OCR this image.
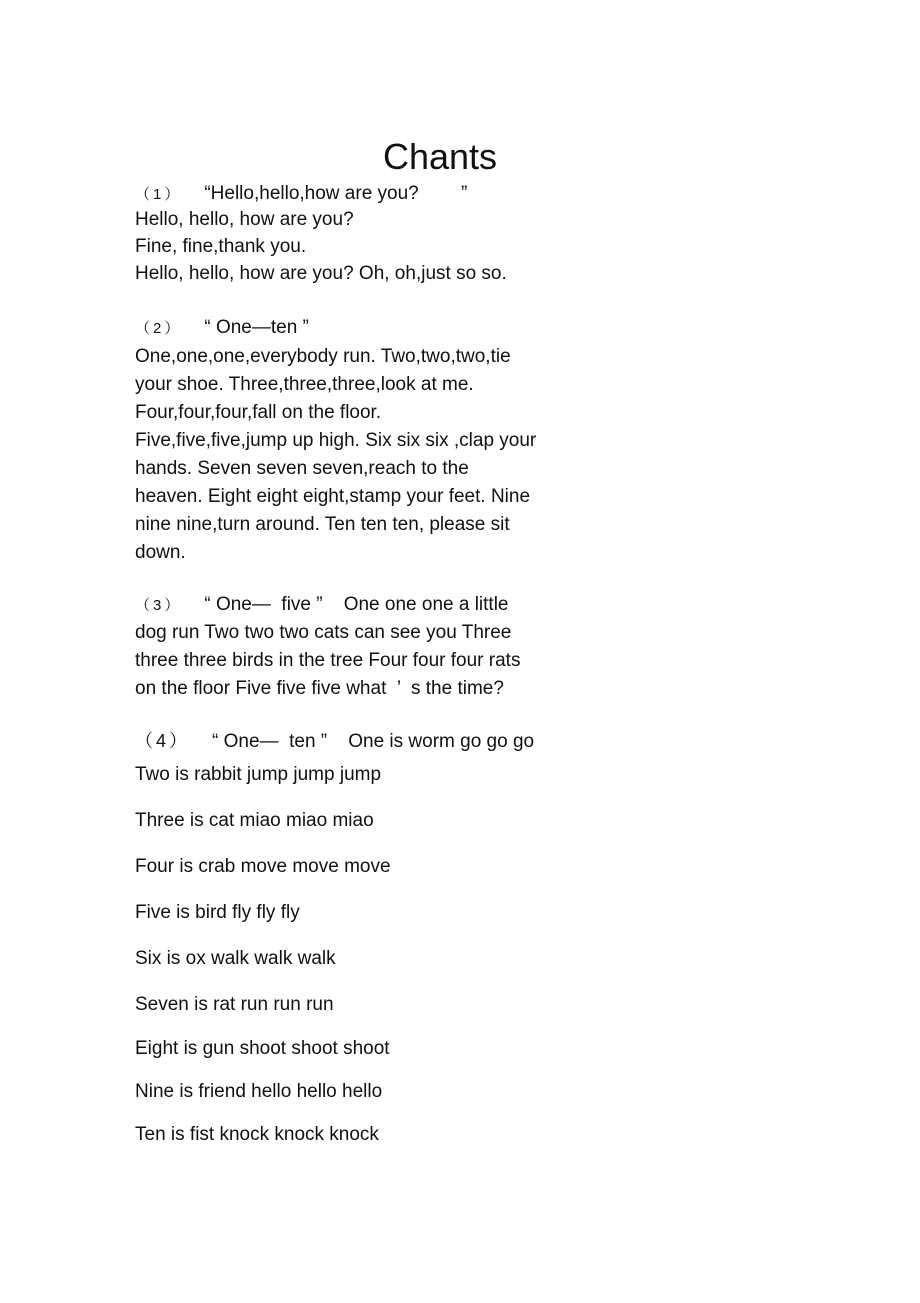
Chants

（1） “Hello,hello,how are you?        ”

Hello, hello, how are you?

Fine, fine,thank you.

Hello, hello, how are you? Oh, oh,just so so.

（2） “ One—ten ”

One,one,one,everybody run. Two,two,two,tie

your shoe. Three,three,three,look at me.

Four,four,four,fall on the floor.

Five,five,five,jump up high. Six six six ,clap your

hands. Seven seven seven,reach to the

heaven. Eight eight eight,stamp your feet. Nine

nine nine,turn around. Ten ten ten, please sit

down.

（3） “ One—  five ”    One one one a little

dog run Two two two cats can see you Three

three three birds in the tree Four four four rats

on the floor Five five five what  ’  s the time?

（4） “ One—  ten ”    One is worm go go go

Two is rabbit jump jump jump

Three is cat miao miao miao

Four is crab move move move

Five is bird fly fly fly

Six is ox walk walk walk

Seven is rat run run run

Eight is gun shoot shoot shoot

Nine is friend hello hello hello

Ten is fist knock knock knock
